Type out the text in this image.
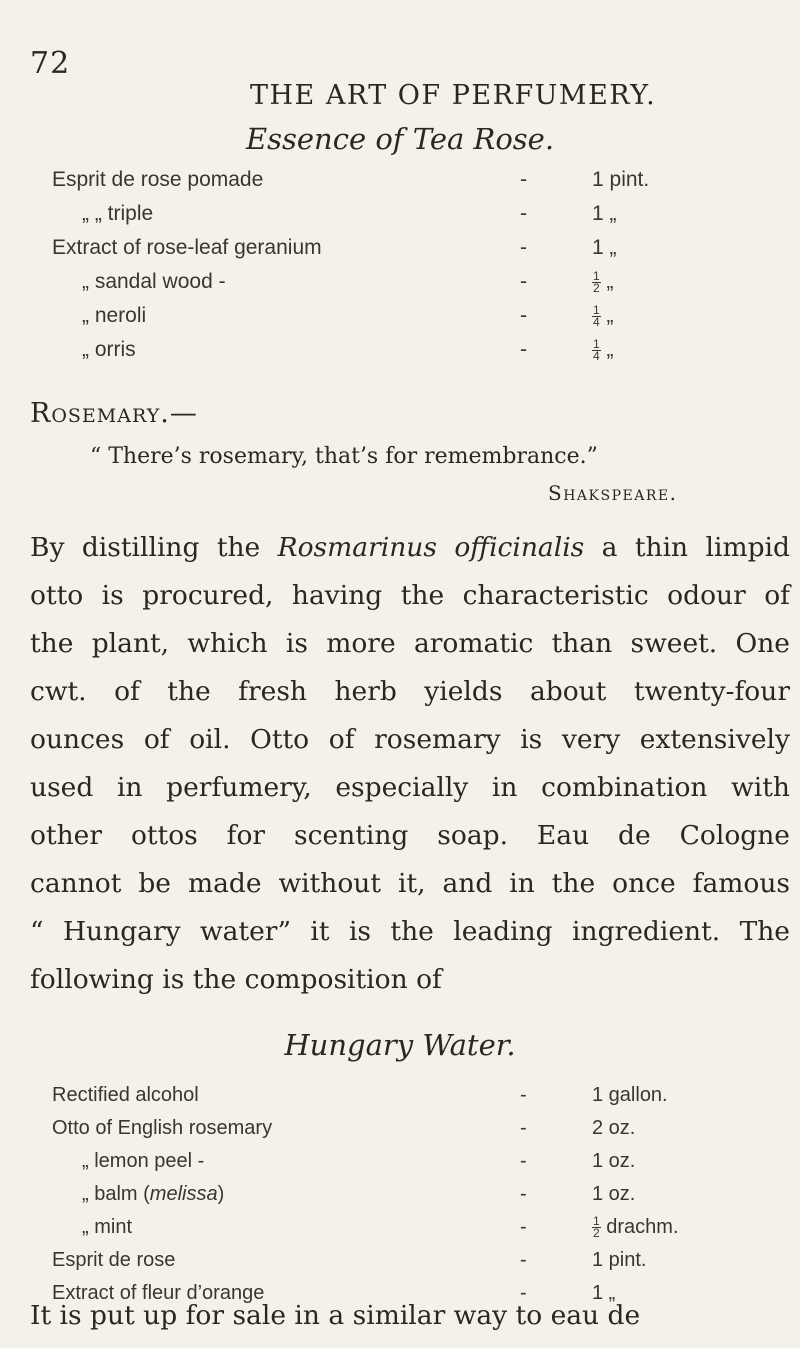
72
THE ART OF PERFUMERY.
Essence of Tea Rose.
Esprit de rose pomade	-	1 pint.
„ „ triple	-	1 „
Extract of rose-leaf geranium	-	1 „
„ sandal wood -	-	$\frac{1}{2}$ „
„ neroli	-	$\frac{1}{4}$ „
„ orris	-	$\frac{1}{4}$ „
Rosemary.—
“ There’s rosemary, that’s for remembrance.”
Shakspeare.
By distilling the Rosmarinus officinalis a thin limpid
otto is procured, having the characteristic odour of
the plant, which is more aromatic than sweet. One
cwt. of the fresh herb yields about twenty-four
ounces of oil. Otto of rosemary is very extensively
used in perfumery, especially in combination with
other ottos for scenting soap. Eau de Cologne
cannot be made without it, and in the once famous
“ Hungary water” it is the leading ingredient. The
following is the composition of
Hungary Water.
Rectified alcohol	-	1 gallon.
Otto of English rosemary	-	2 oz.
„ lemon peel -	-	1 oz.
„ balm (melissa)	-	1 oz.
„ mint	-	$\frac{1}{2}$ drachm.
Esprit de rose	-	1 pint.
Extract of fleur d’orange	-	1 „
It is put up for sale in a similar way to eau de
